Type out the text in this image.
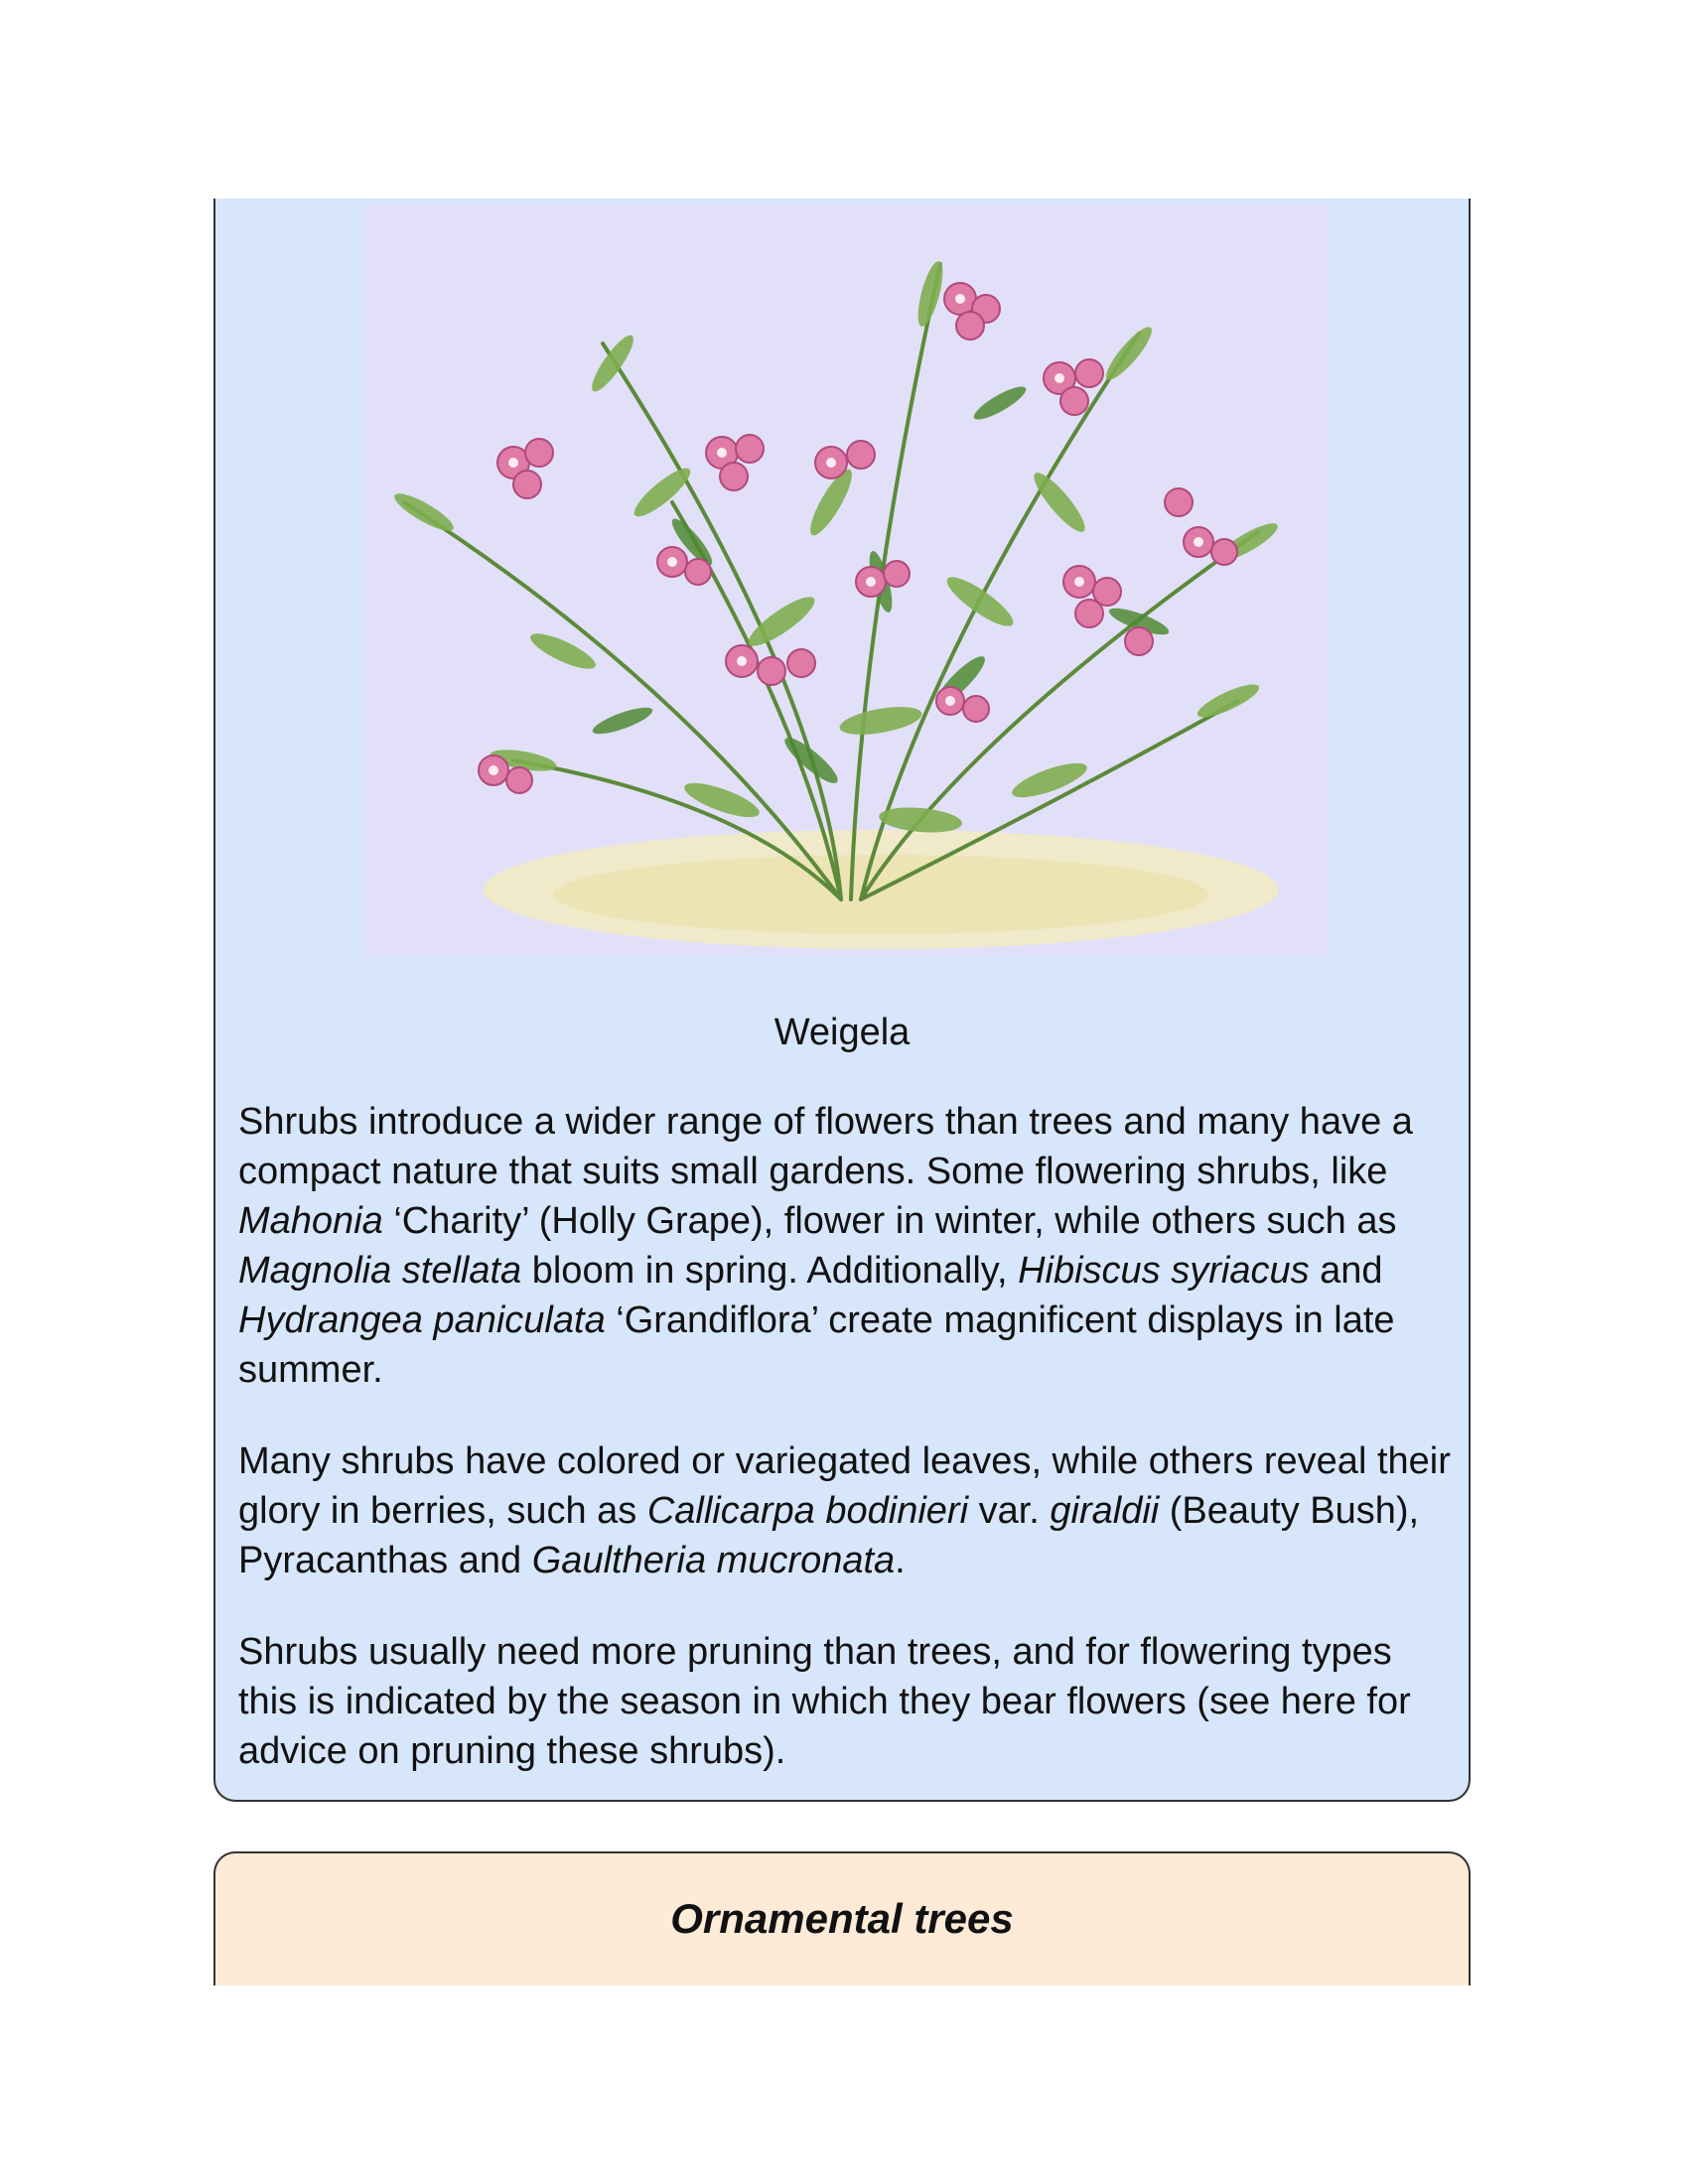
Weigela

Shrubs introduce a wider range of flowers than trees and many have a compact nature that suits small gardens. Some flowering shrubs, like Mahonia ‘Charity’ (Holly Grape), flower in winter, while others such as Magnolia stellata bloom in spring. Additionally, Hibiscus syriacus and Hydrangea paniculata ‘Grandiflora’ create magnificent displays in late summer.

Many shrubs have colored or variegated leaves, while others reveal their glory in berries, such as Callicarpa bodinieri var. giraldii (Beauty Bush), Pyracanthas and Gaultheria mucronata.

Shrubs usually need more pruning than trees, and for flowering types this is indicated by the season in which they bear flowers (see here for advice on pruning these shrubs).

Ornamental trees
